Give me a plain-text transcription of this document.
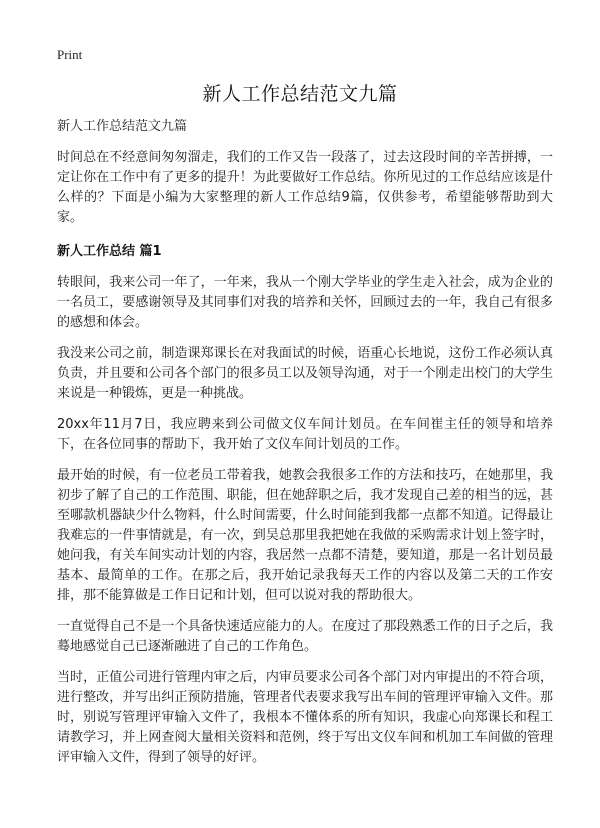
Print
新人工作总结范文九篇

新人工作总结范文九篇

时间总在不经意间匆匆溜走，我们的工作又告一段落了，过去这段时间的辛苦拼搏，一定让你在工作中有了更多的提升！为此要做好工作总结。你所见过的工作总结应该是什么样的？下面是小编为大家整理的新人工作总结9篇，仅供参考，希望能够帮助到大家。

新人工作总结 篇1

转眼间，我来公司一年了，一年来，我从一个刚大学毕业的学生走入社会，成为企业的一名员工，要感谢领导及其同事们对我的培养和关怀，回顾过去的一年，我自己有很多的感想和体会。

我没来公司之前，制造课郑课长在对我面试的时候，语重心长地说，这份工作必须认真负责，并且要和公司各个部门的很多员工以及领导沟通，对于一个刚走出校门的大学生来说是一种锻炼，更是一种挑战。

20xx年11月7日，我应聘来到公司做文仪车间计划员。在车间崔主任的领导和培养下，在各位同事的帮助下，我开始了文仪车间计划员的工作。

最开始的时候，有一位老员工带着我，她教会我很多工作的方法和技巧，在她那里，我初步了解了自己的工作范围、职能，但在她辞职之后，我才发现自己差的相当的远，甚至哪款机器缺少什么物料，什么时间需要，什么时间能到我都一点都不知道。记得最让我难忘的一件事情就是，有一次，到吴总那里我把她在我做的采购需求计划上签字时，她问我，有关车间实动计划的内容，我居然一点都不清楚，要知道，那是一名计划员最基本、最简单的工作。在那之后，我开始记录我每天工作的内容以及第二天的工作安排，那不能算做是工作日记和计划，但可以说对我的帮助很大。

一直觉得自己不是一个具备快速适应能力的人。在度过了那段熟悉工作的日子之后，我蓦地感觉自己已逐渐融进了自己的工作角色。

当时，正值公司进行管理内审之后，内审员要求公司各个部门对内审提出的不符合项，进行整改，并写出纠正预防措施，管理者代表要求我写出车间的管理评审输入文件。那时，别说写管理评审输入文件了，我根本不懂体系的所有知识，我虚心向郑课长和程工请教学习，并上网查阅大量相关资料和范例，终于写出文仪车间和机加工车间做的管理评审输入文件，得到了领导的好评。
